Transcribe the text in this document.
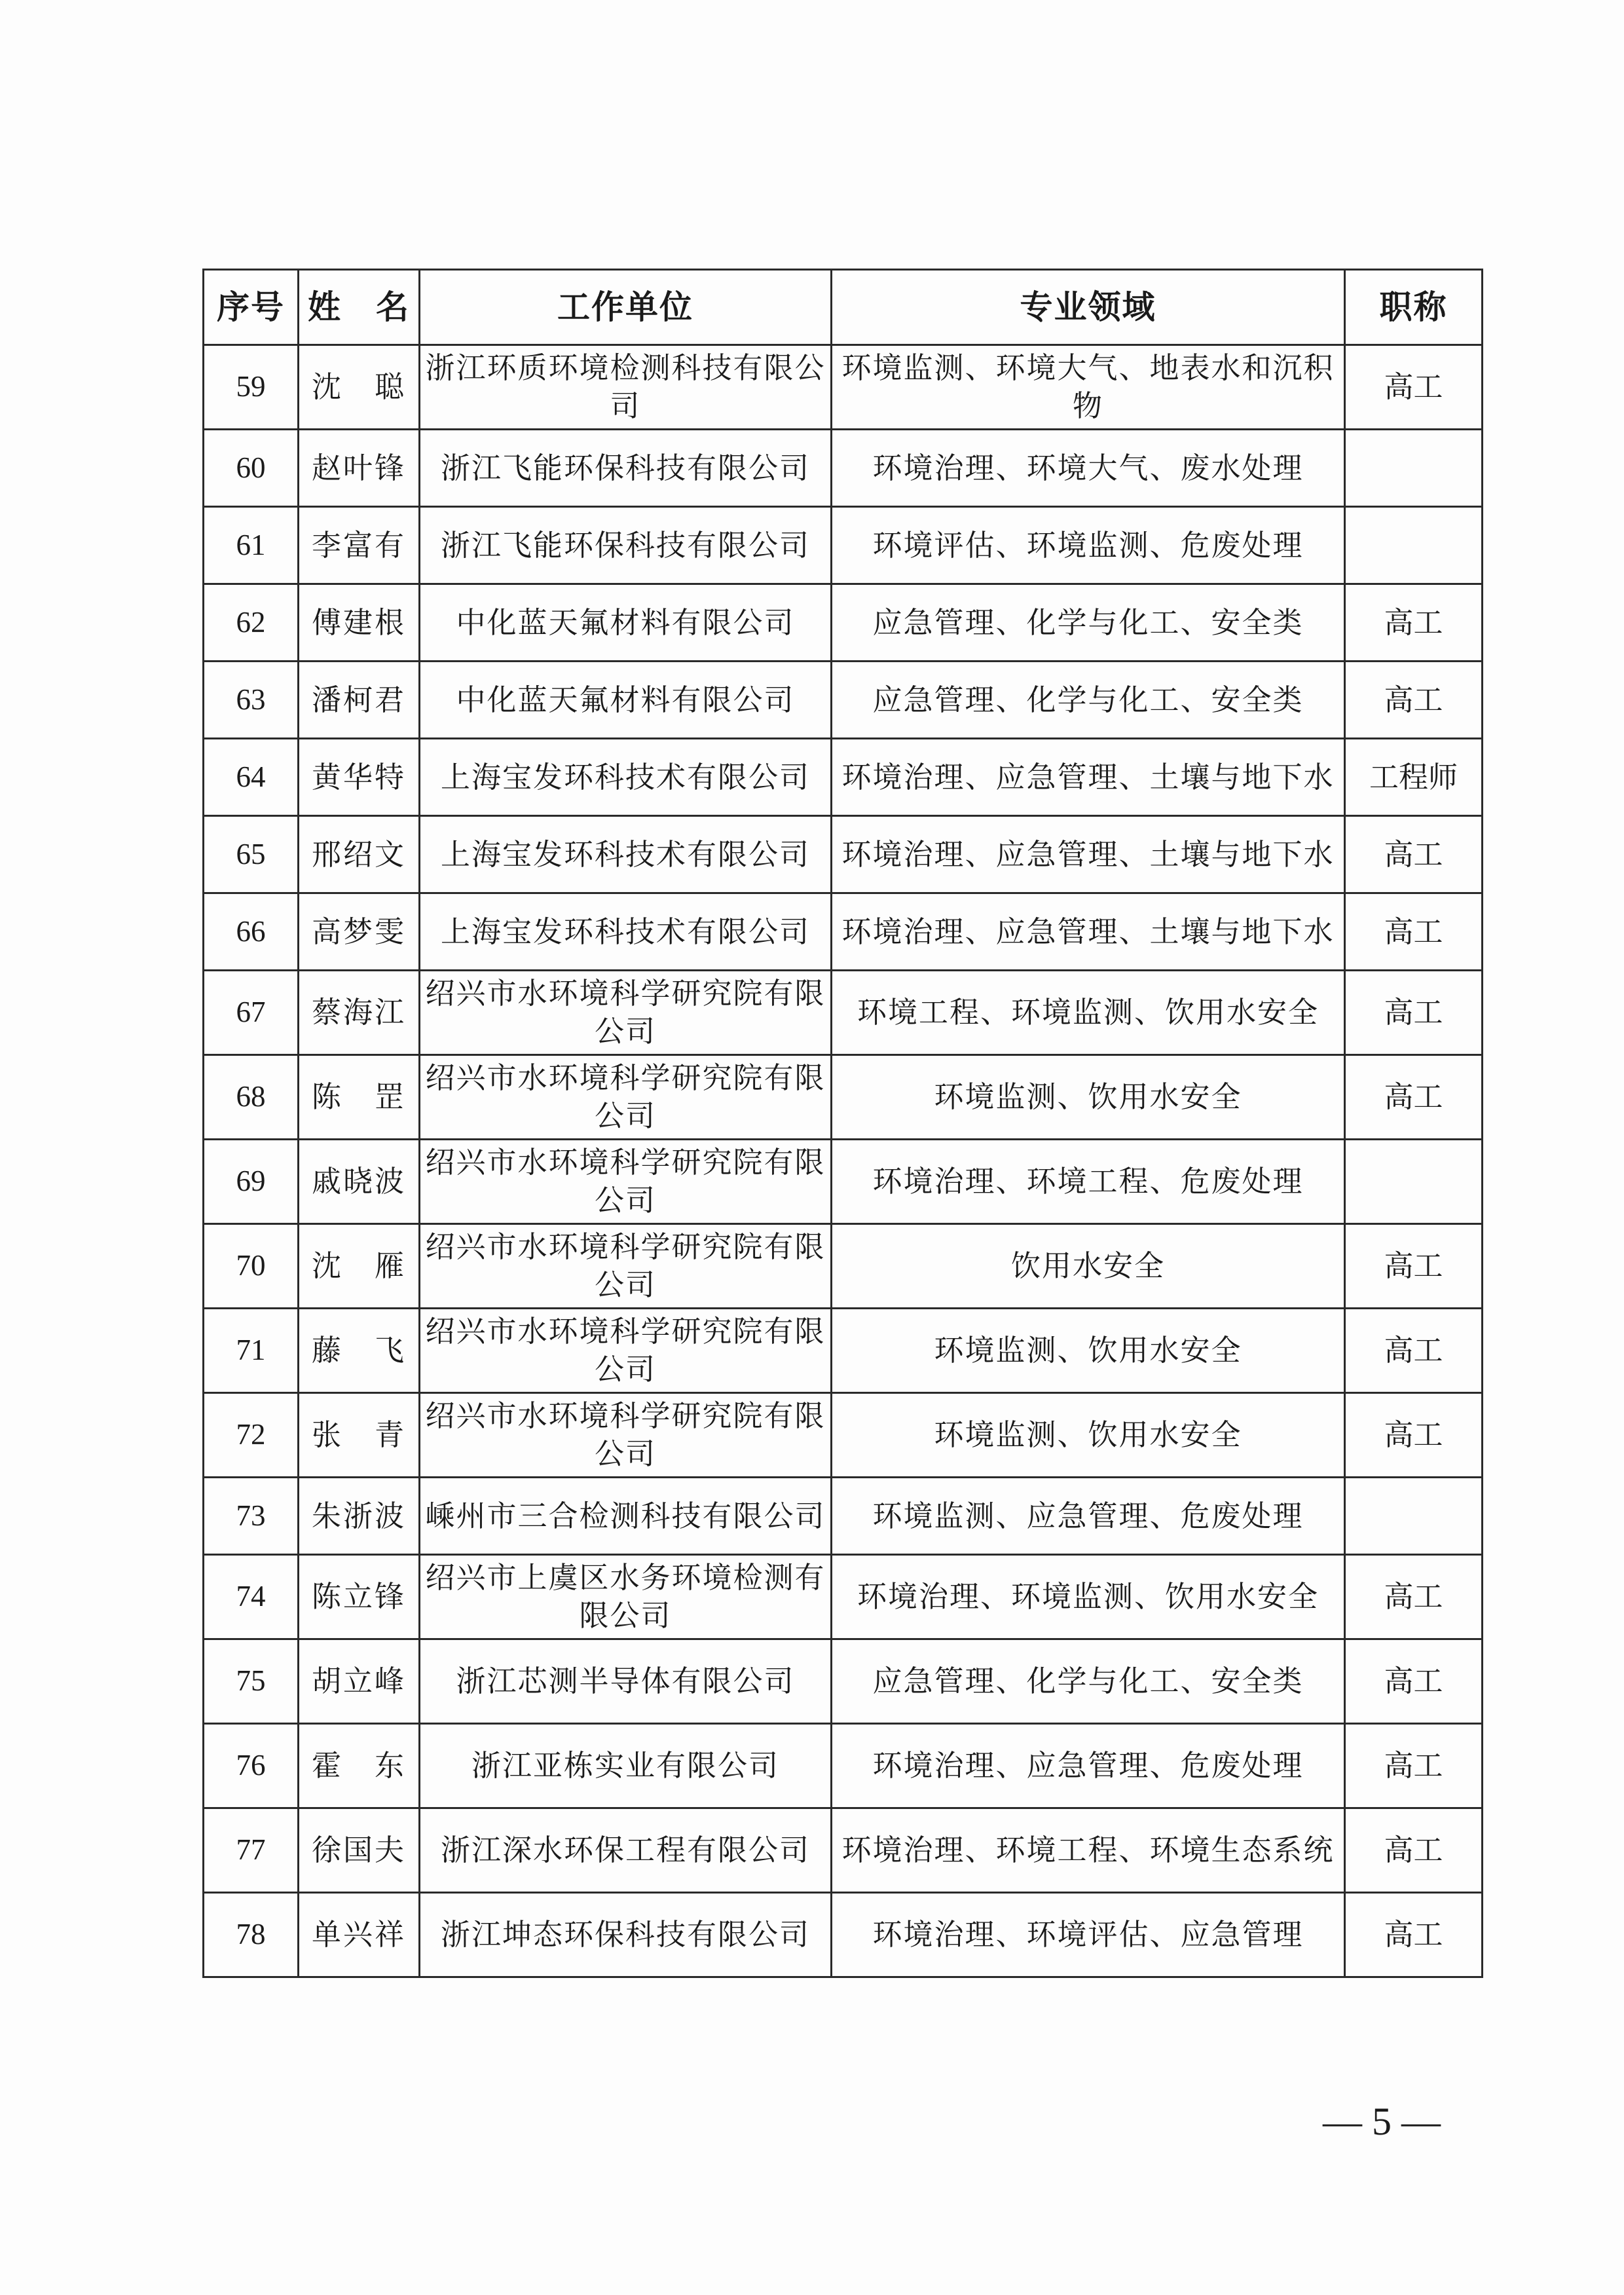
序号	姓　名	工作单位	专业领域	职称
59	沈　聪	浙江环质环境检测科技有限公司	环境监测、环境大气、地表水和沉积物	高工
60	赵叶锋	浙江飞能环保科技有限公司	环境治理、环境大气、废水处理	
61	李富有	浙江飞能环保科技有限公司	环境评估、环境监测、危废处理	
62	傅建根	中化蓝天氟材料有限公司	应急管理、化学与化工、安全类	高工
63	潘柯君	中化蓝天氟材料有限公司	应急管理、化学与化工、安全类	高工
64	黄华特	上海宝发环科技术有限公司	环境治理、应急管理、土壤与地下水	工程师
65	邢绍文	上海宝发环科技术有限公司	环境治理、应急管理、土壤与地下水	高工
66	高梦雯	上海宝发环科技术有限公司	环境治理、应急管理、土壤与地下水	高工
67	蔡海江	绍兴市水环境科学研究院有限公司	环境工程、环境监测、饮用水安全	高工
68	陈　罡	绍兴市水环境科学研究院有限公司	环境监测、饮用水安全	高工
69	戚晓波	绍兴市水环境科学研究院有限公司	环境治理、环境工程、危废处理	
70	沈　雁	绍兴市水环境科学研究院有限公司	饮用水安全	高工
71	藤　飞	绍兴市水环境科学研究院有限公司	环境监测、饮用水安全	高工
72	张　青	绍兴市水环境科学研究院有限公司	环境监测、饮用水安全	高工
73	朱浙波	嵊州市三合检测科技有限公司	环境监测、应急管理、危废处理	
74	陈立锋	绍兴市上虞区水务环境检测有限公司	环境治理、环境监测、饮用水安全	高工
75	胡立峰	浙江芯测半导体有限公司	应急管理、化学与化工、安全类	高工
76	霍　东	浙江亚栋实业有限公司	环境治理、应急管理、危废处理	高工
77	徐国夫	浙江深水环保工程有限公司	环境治理、环境工程、环境生态系统	高工
78	单兴祥	浙江坤态环保科技有限公司	环境治理、环境评估、应急管理	高工
— 5 —
